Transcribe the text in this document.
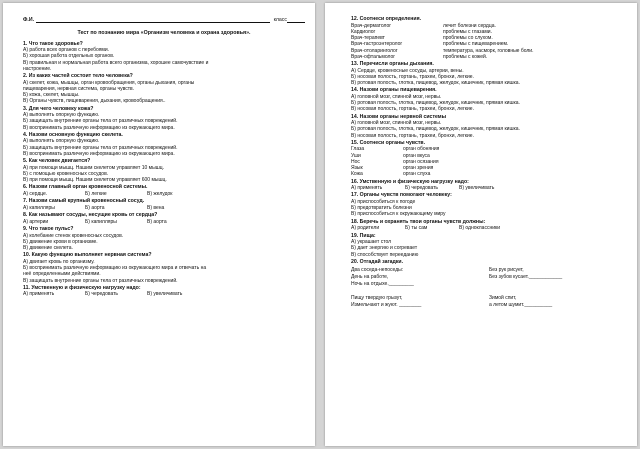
Ф.И.	класс
Тест по познанию мира «Организм человека и охрана здоровья».
1. Что такое здоровье?
А) работа всех органов с перебоями.
Б) хорошая работа отдельных органов.
В) правильная и нормальная работа всего организма, хорошее самочувствие и
настроение.
2. Из каких частей состоит тело человека?
А) скелет, кожа, мышцы, орган кровообращения, органы дыхания, органы
пищеварения, нервная система, органы чувств.
Б) кожа, скелет, мышцы.
В) Органы чувств, пищеварения, дыхания, кровообращения..
3. Для чего человеку кожа?
А) выполнять опорную функцию.
Б) защищать внутренние органы тела от различных повреждений.
В) воспринимать различную информацию из окружающего мира.
4. Назови основную функцию скелета.
А) выполнять опорную функцию.
Б) защищать внутренние органы тела от различных повреждений.
В) воспринимать различную информацию из окружающего мира.
5. Как человек двигается?
А) при помощи мышц. Нашим скелетом управляет 10 мышц.
Б) с помощью кровеносных сосудов.
В) при помощи мышц. Нашим скелетом управляет 600 мышц.
6. Назови главный орган кровеносной системы.
А) сердце.	Б) легкие	В) желудок
7. Назови самый крупный кровеносный сосуд.
А) капилляры	Б) аорта	В) вена
8. Как называют сосуды, несущие кровь от сердца?
А) артерии	Б) капилляры	В) аорта
9. Что такое пульс?
А) колебание стенок кровеносных сосудов.
Б) движение крови в организме.
В) движение скелета.
10. Какую функцию выполняет нервная система?
А) двигает кровь по организму.
Б) воспринимать различную информацию из окружающего мира и отвечать на
неё определенными действиями.
В) защищать внутренние органы тела от различных повреждений.
11. Умственную и физическую нагрузку надо:
А) применять	Б) чередовать	В) увеличивать
12. Соотнеси определения.
Врач-дерматолог	лечит болезни сердца.
Кардиолог	проблемы с глазами.
Врач-терапевт	проблемы со слухом.
Врач-гастроэнтеролог	проблемы с пищеварением.
Врач-отоларинголог	температура, насморк, головные боли.
Врач-офтальмолог	проблемы с кожей.
13. Перечисли органы дыхания.
А) Сердце, кровеносные сосуды, артерии, вены.
Б) носовая полость, гортань, трахеи, бронхи, легкие.
В) ротовая полость, глотка, пищевод, желудок, кишечник, прямая кишка.
14. Назови органы пищеварения.
А) головной мозг, спинной мозг, нервы.
Б) ротовая полость, глотка, пищевод, желудок, кишечник, прямая кишка.
В) носовая полость, гортань, трахеи, бронхи, легкие.
14. Назови органы нервной системы
А) головной мозг, спинной мозг, нервы.
Б) ротовая полость, глотка, пищевод, желудок, кишечник, прямая кишка.
В) носовая полость, гортань, трахеи, бронхи, легкие.
15. Соотнеси органы чувств.
Глаза	орган обоняния
Уши	орган вкуса
Нос	орган осязания
Язык	орган зрения
Кожа	орган слуха
16. Умственную и физическую нагрузку надо:
А) применять	Б) чередовать	В) увеличивать
17. Органы чувств помогают человеку:
А) приспособиться к погоде
Б) предотвратить болезни
В) приспособиться к окружающему миру
18. Беречь и охранять твои органы чувств должны:
А) родители	Б) ты сам	В) одноклассники
19. Пища:
А) украшает стол
Б) дает энергию и согревает
В) способствует перееданию
20. Отгадай загадки.
Два соседа-непоседы:
День на работе,
Ночь на отдыхе._________

Пищу твердую грызут,
Измельчают и жуют. ________
Без рук рисует,
Без зубов кусает.____________

Зимой спит,
а летом шумит.__________
